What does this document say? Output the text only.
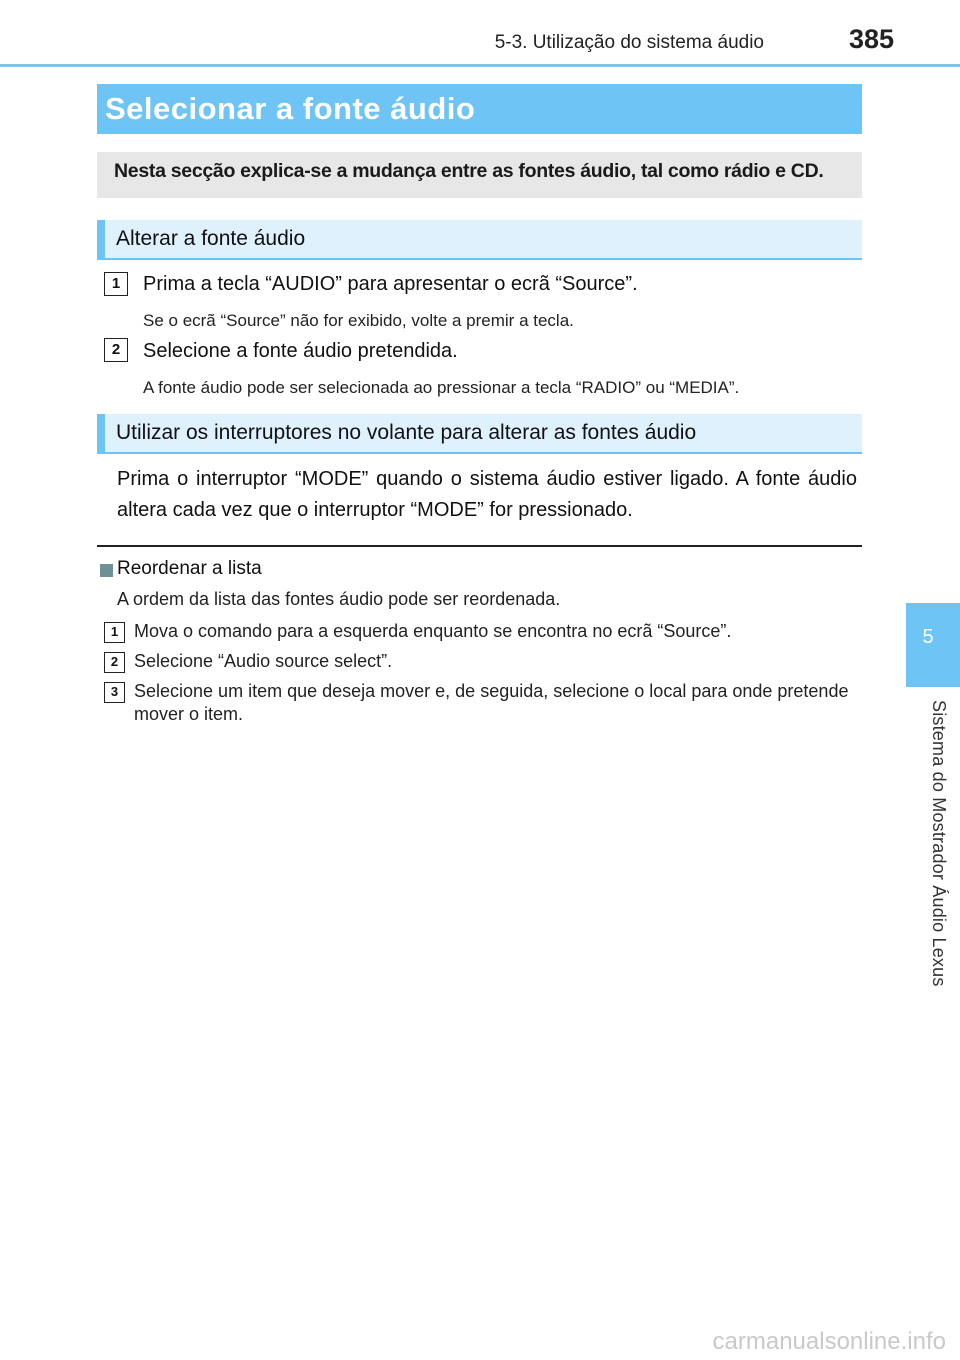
5-3. Utilização do sistema áudio	385
5
Sistema do Mostrador Áudio Lexus
Selecionar a fonte áudio
Nesta secção explica-se a mudança entre as fontes áudio, tal como rádio e CD.
Alterar a fonte áudio
1	Prima a tecla “AUDIO” para apresentar o ecrã “Source”.
Se o ecrã “Source” não for exibido, volte a premir a tecla.
2	Selecione a fonte áudio pretendida.
A fonte áudio pode ser selecionada ao pressionar a tecla “RADIO” ou “MEDIA”.
Utilizar os interruptores no volante para alterar as fontes áudio
Prima o interruptor “MODE” quando o sistema áudio estiver ligado. A fonte áudio altera cada vez que o interruptor “MODE” for pressionado.
Reordenar a lista
A ordem da lista das fontes áudio pode ser reordenada.
1 Mova o comando para a esquerda enquanto se encontra no ecrã “Source”.
2 Selecione “Audio source select”.
3 Selecione um item que deseja mover e, de seguida, selecione o local para onde pretende mover o item.
carmanualsonline.info
